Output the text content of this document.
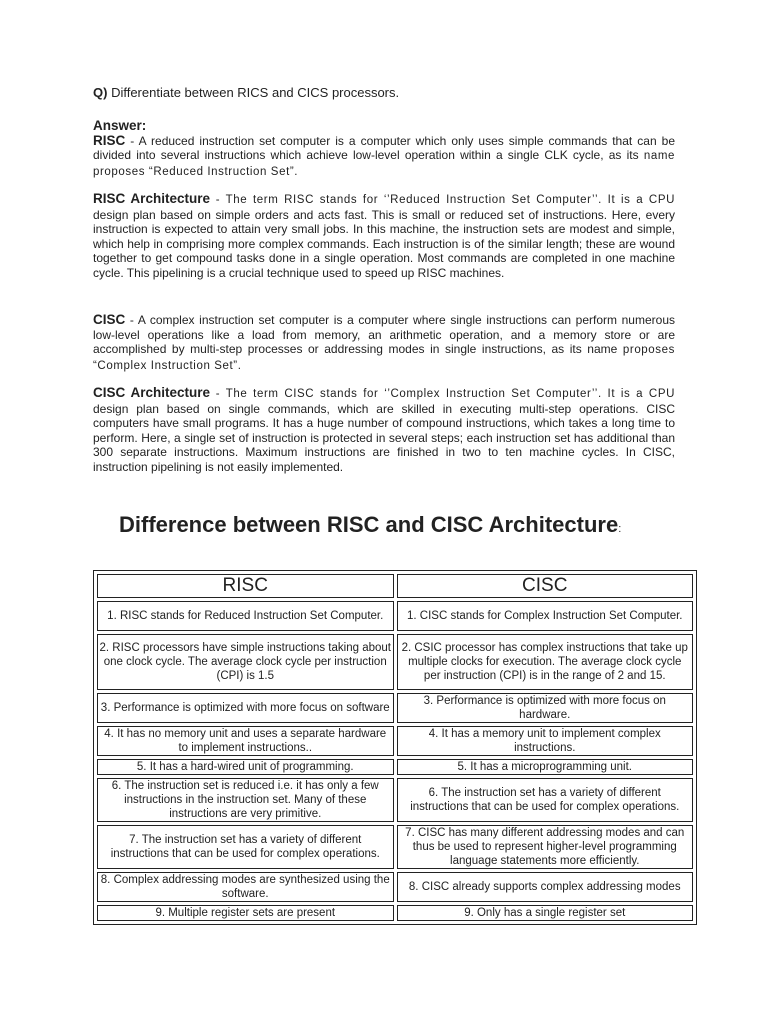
Q) Differentiate between RICS and CICS processors.

Answer:

RISC - A reduced instruction set computer is a computer which only uses simple commands that can be divided into several instructions which achieve low-level operation within a single CLK cycle, as its name proposes “Reduced Instruction Set”.

RISC Architecture - The term RISC stands for ‘’Reduced Instruction Set Computer’’. It is a CPU design plan based on simple orders and acts fast. This is small or reduced set of instructions. Here, every instruction is expected to attain very small jobs. In this machine, the instruction sets are modest and simple, which help in comprising more complex commands. Each instruction is of the similar length; these are wound together to get compound tasks done in a single operation. Most commands are completed in one machine cycle. This pipelining is a crucial technique used to speed up RISC machines.

CISC - A complex instruction set computer is a computer where single instructions can perform numerous low-level operations like a load from memory, an arithmetic operation, and a memory store or are accomplished by multi-step processes or addressing modes in single instructions, as its name proposes “Complex Instruction Set”.

CISC Architecture - The term CISC stands for ‘’Complex Instruction Set Computer’’. It is a CPU design plan based on single commands, which are skilled in executing multi-step operations. CISC computers have small programs. It has a huge number of compound instructions, which takes a long time to perform. Here, a single set of instruction is protected in several steps; each instruction set has additional than 300 separate instructions. Maximum instructions are finished in two to ten machine cycles. In CISC, instruction pipelining is not easily implemented.

Difference between RISC and CISC Architecture:
RISC	CISC
1. RISC stands for Reduced Instruction Set Computer.	1. CISC stands for Complex Instruction Set Computer.
2. RISC processors have simple instructions taking about one clock cycle. The average clock cycle per instruction (CPI) is 1.5	2. CSIC processor has complex instructions that take up multiple clocks for execution. The average clock cycle per instruction (CPI) is in the range of 2 and 15.
3. Performance is optimized with more focus on software	3. Performance is optimized with more focus on hardware.
4. It has no memory unit and uses a separate hardware to implement instructions..	4. It has a memory unit to implement complex instructions.
5. It has a hard-wired unit of programming.	5. It has a microprogramming unit.
6. The instruction set is reduced i.e. it has only a few instructions in the instruction set. Many of these instructions are very primitive.	6. The instruction set has a variety of different instructions that can be used for complex operations.
7. The instruction set has a variety of different instructions that can be used for complex operations.	7. CISC has many different addressing modes and can thus be used to represent higher-level programming language statements more efficiently.
8. Complex addressing modes are synthesized using the software.	8. CISC already supports complex addressing modes
9. Multiple register sets are present	9. Only has a single register set
